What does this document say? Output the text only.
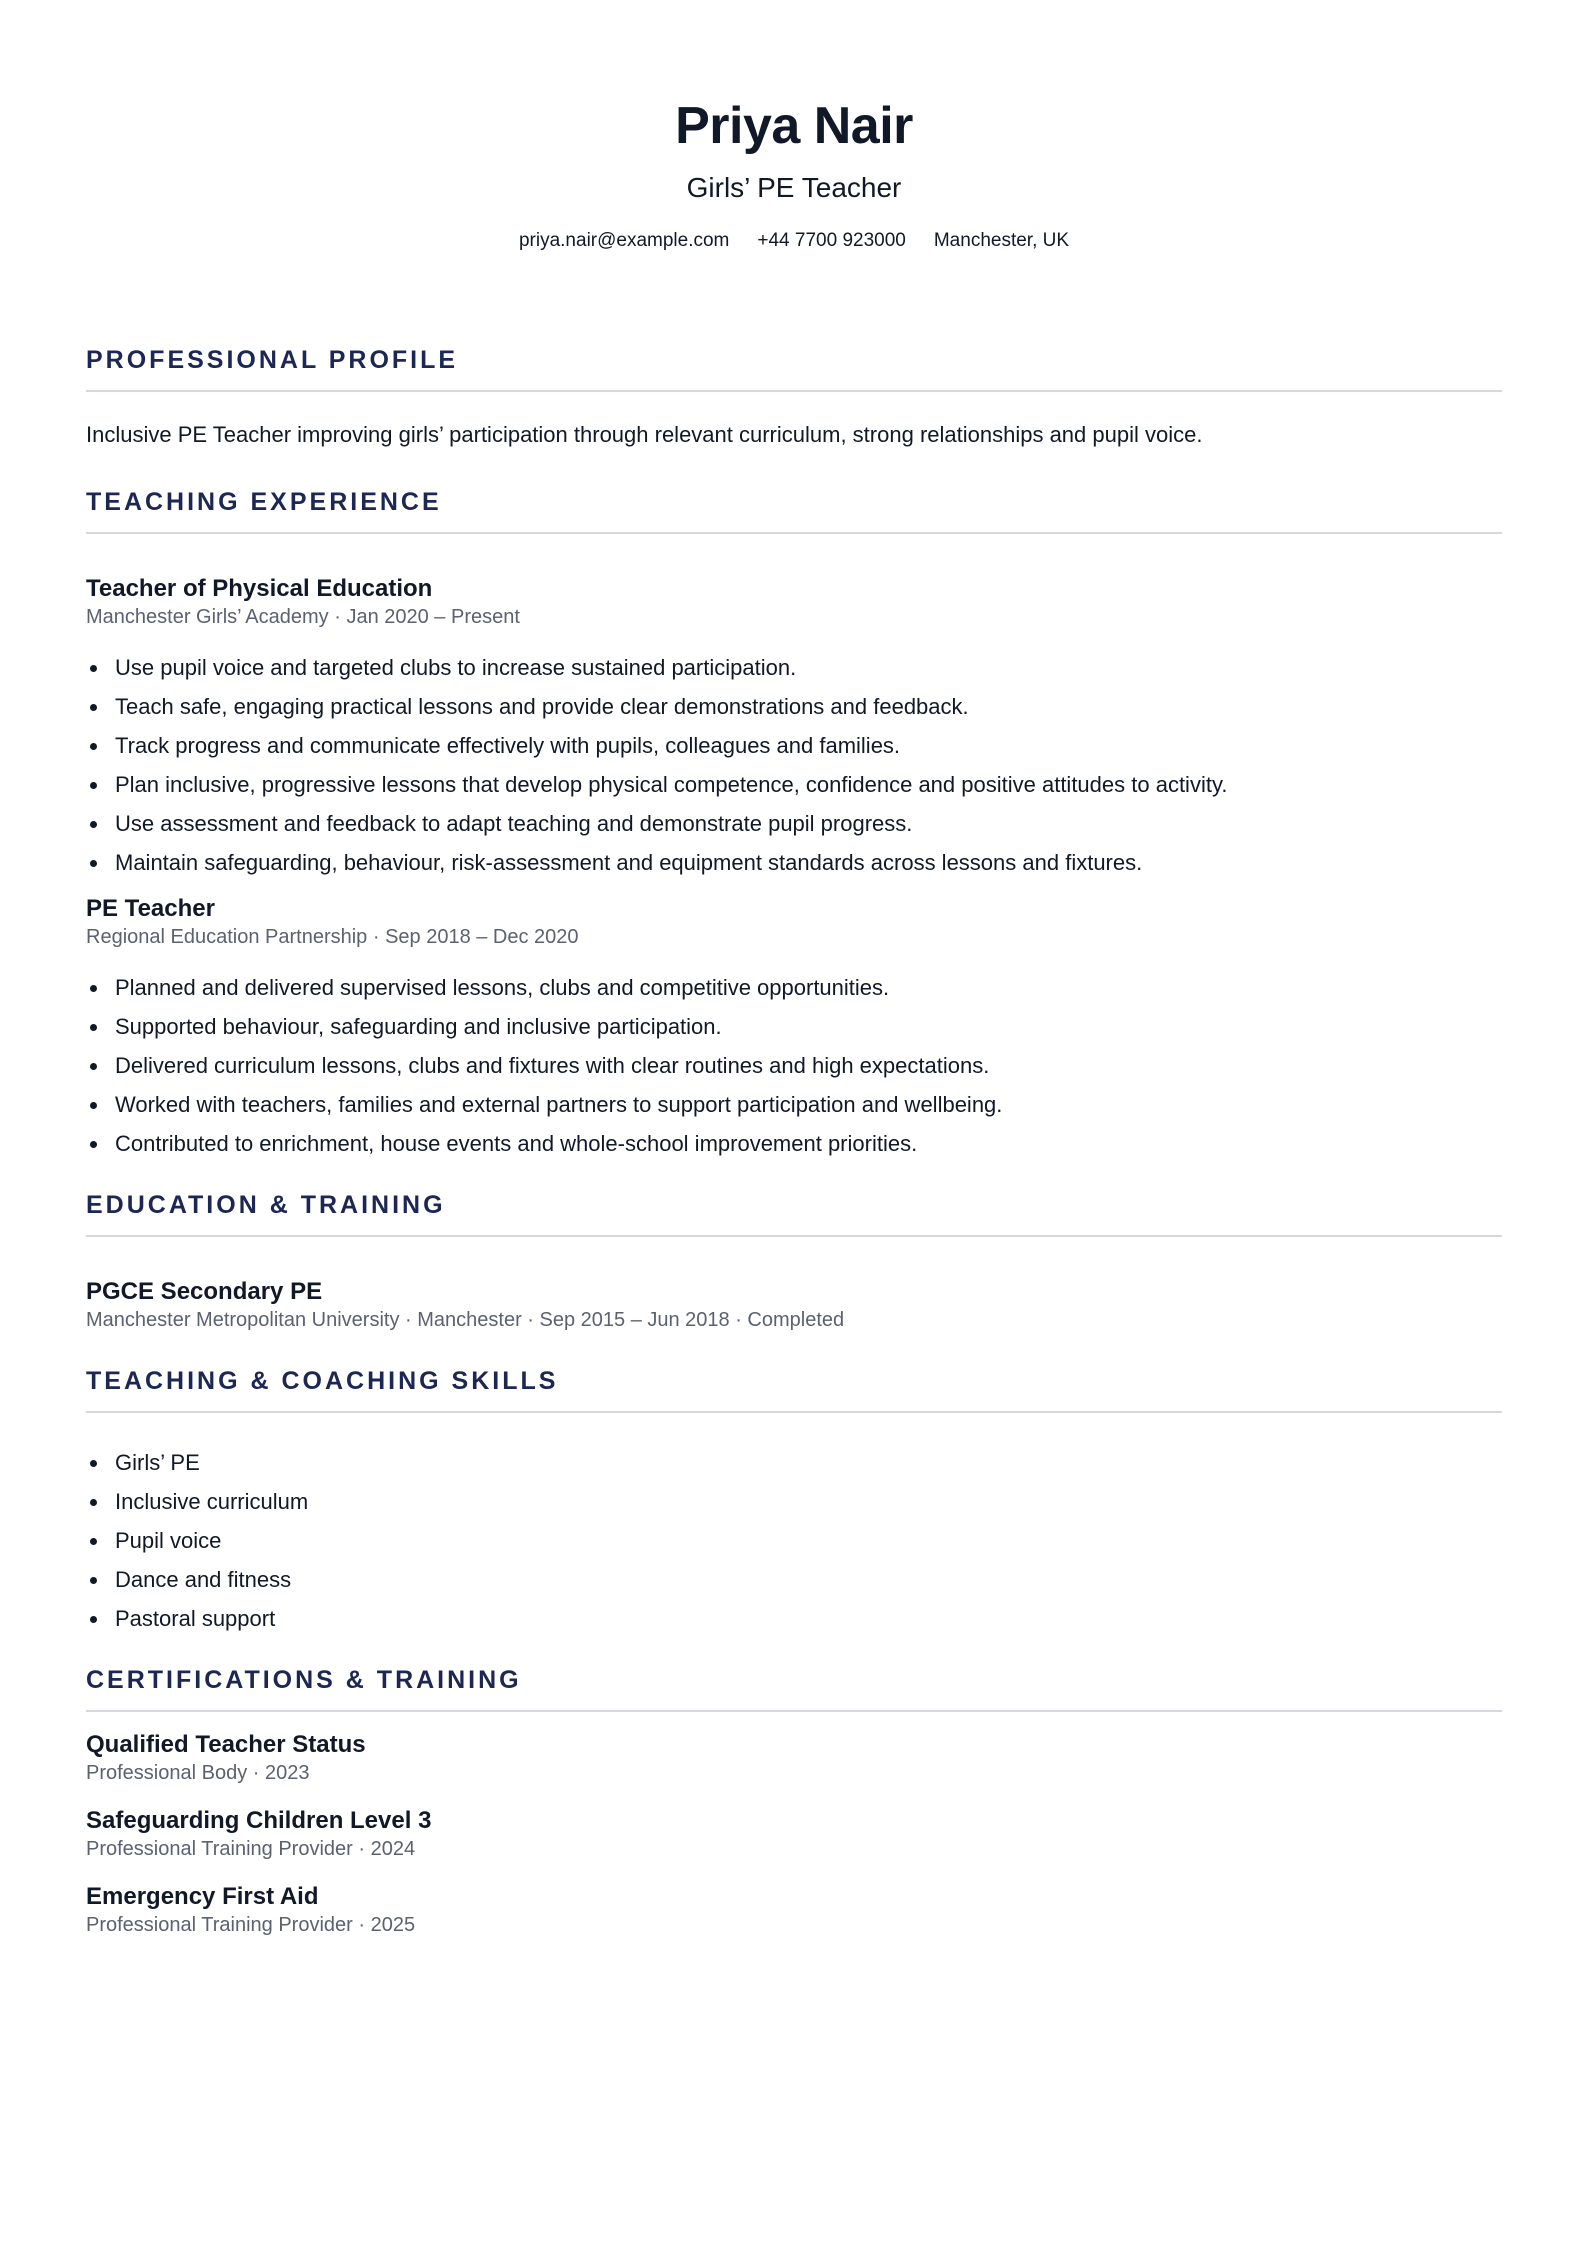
Priya Nair
Girls’ PE Teacher
priya.nair@example.com +44 7700 923000 Manchester, UK
PROFESSIONAL PROFILE
Inclusive PE Teacher improving girls’ participation through relevant curriculum, strong relationships and pupil voice.
TEACHING EXPERIENCE
Teacher of Physical Education
Manchester Girls’ Academy · Jan 2020 – Present
Use pupil voice and targeted clubs to increase sustained participation.
Teach safe, engaging practical lessons and provide clear demonstrations and feedback.
Track progress and communicate effectively with pupils, colleagues and families.
Plan inclusive, progressive lessons that develop physical competence, confidence and positive attitudes to activity.
Use assessment and feedback to adapt teaching and demonstrate pupil progress.
Maintain safeguarding, behaviour, risk-assessment and equipment standards across lessons and fixtures.
PE Teacher
Regional Education Partnership · Sep 2018 – Dec 2020
Planned and delivered supervised lessons, clubs and competitive opportunities.
Supported behaviour, safeguarding and inclusive participation.
Delivered curriculum lessons, clubs and fixtures with clear routines and high expectations.
Worked with teachers, families and external partners to support participation and wellbeing.
Contributed to enrichment, house events and whole-school improvement priorities.
EDUCATION & TRAINING
PGCE Secondary PE
Manchester Metropolitan University · Manchester · Sep 2015 – Jun 2018 · Completed
TEACHING & COACHING SKILLS
Girls’ PE
Inclusive curriculum
Pupil voice
Dance and fitness
Pastoral support
CERTIFICATIONS & TRAINING
Qualified Teacher Status
Professional Body · 2023
Safeguarding Children Level 3
Professional Training Provider · 2024
Emergency First Aid
Professional Training Provider · 2025
